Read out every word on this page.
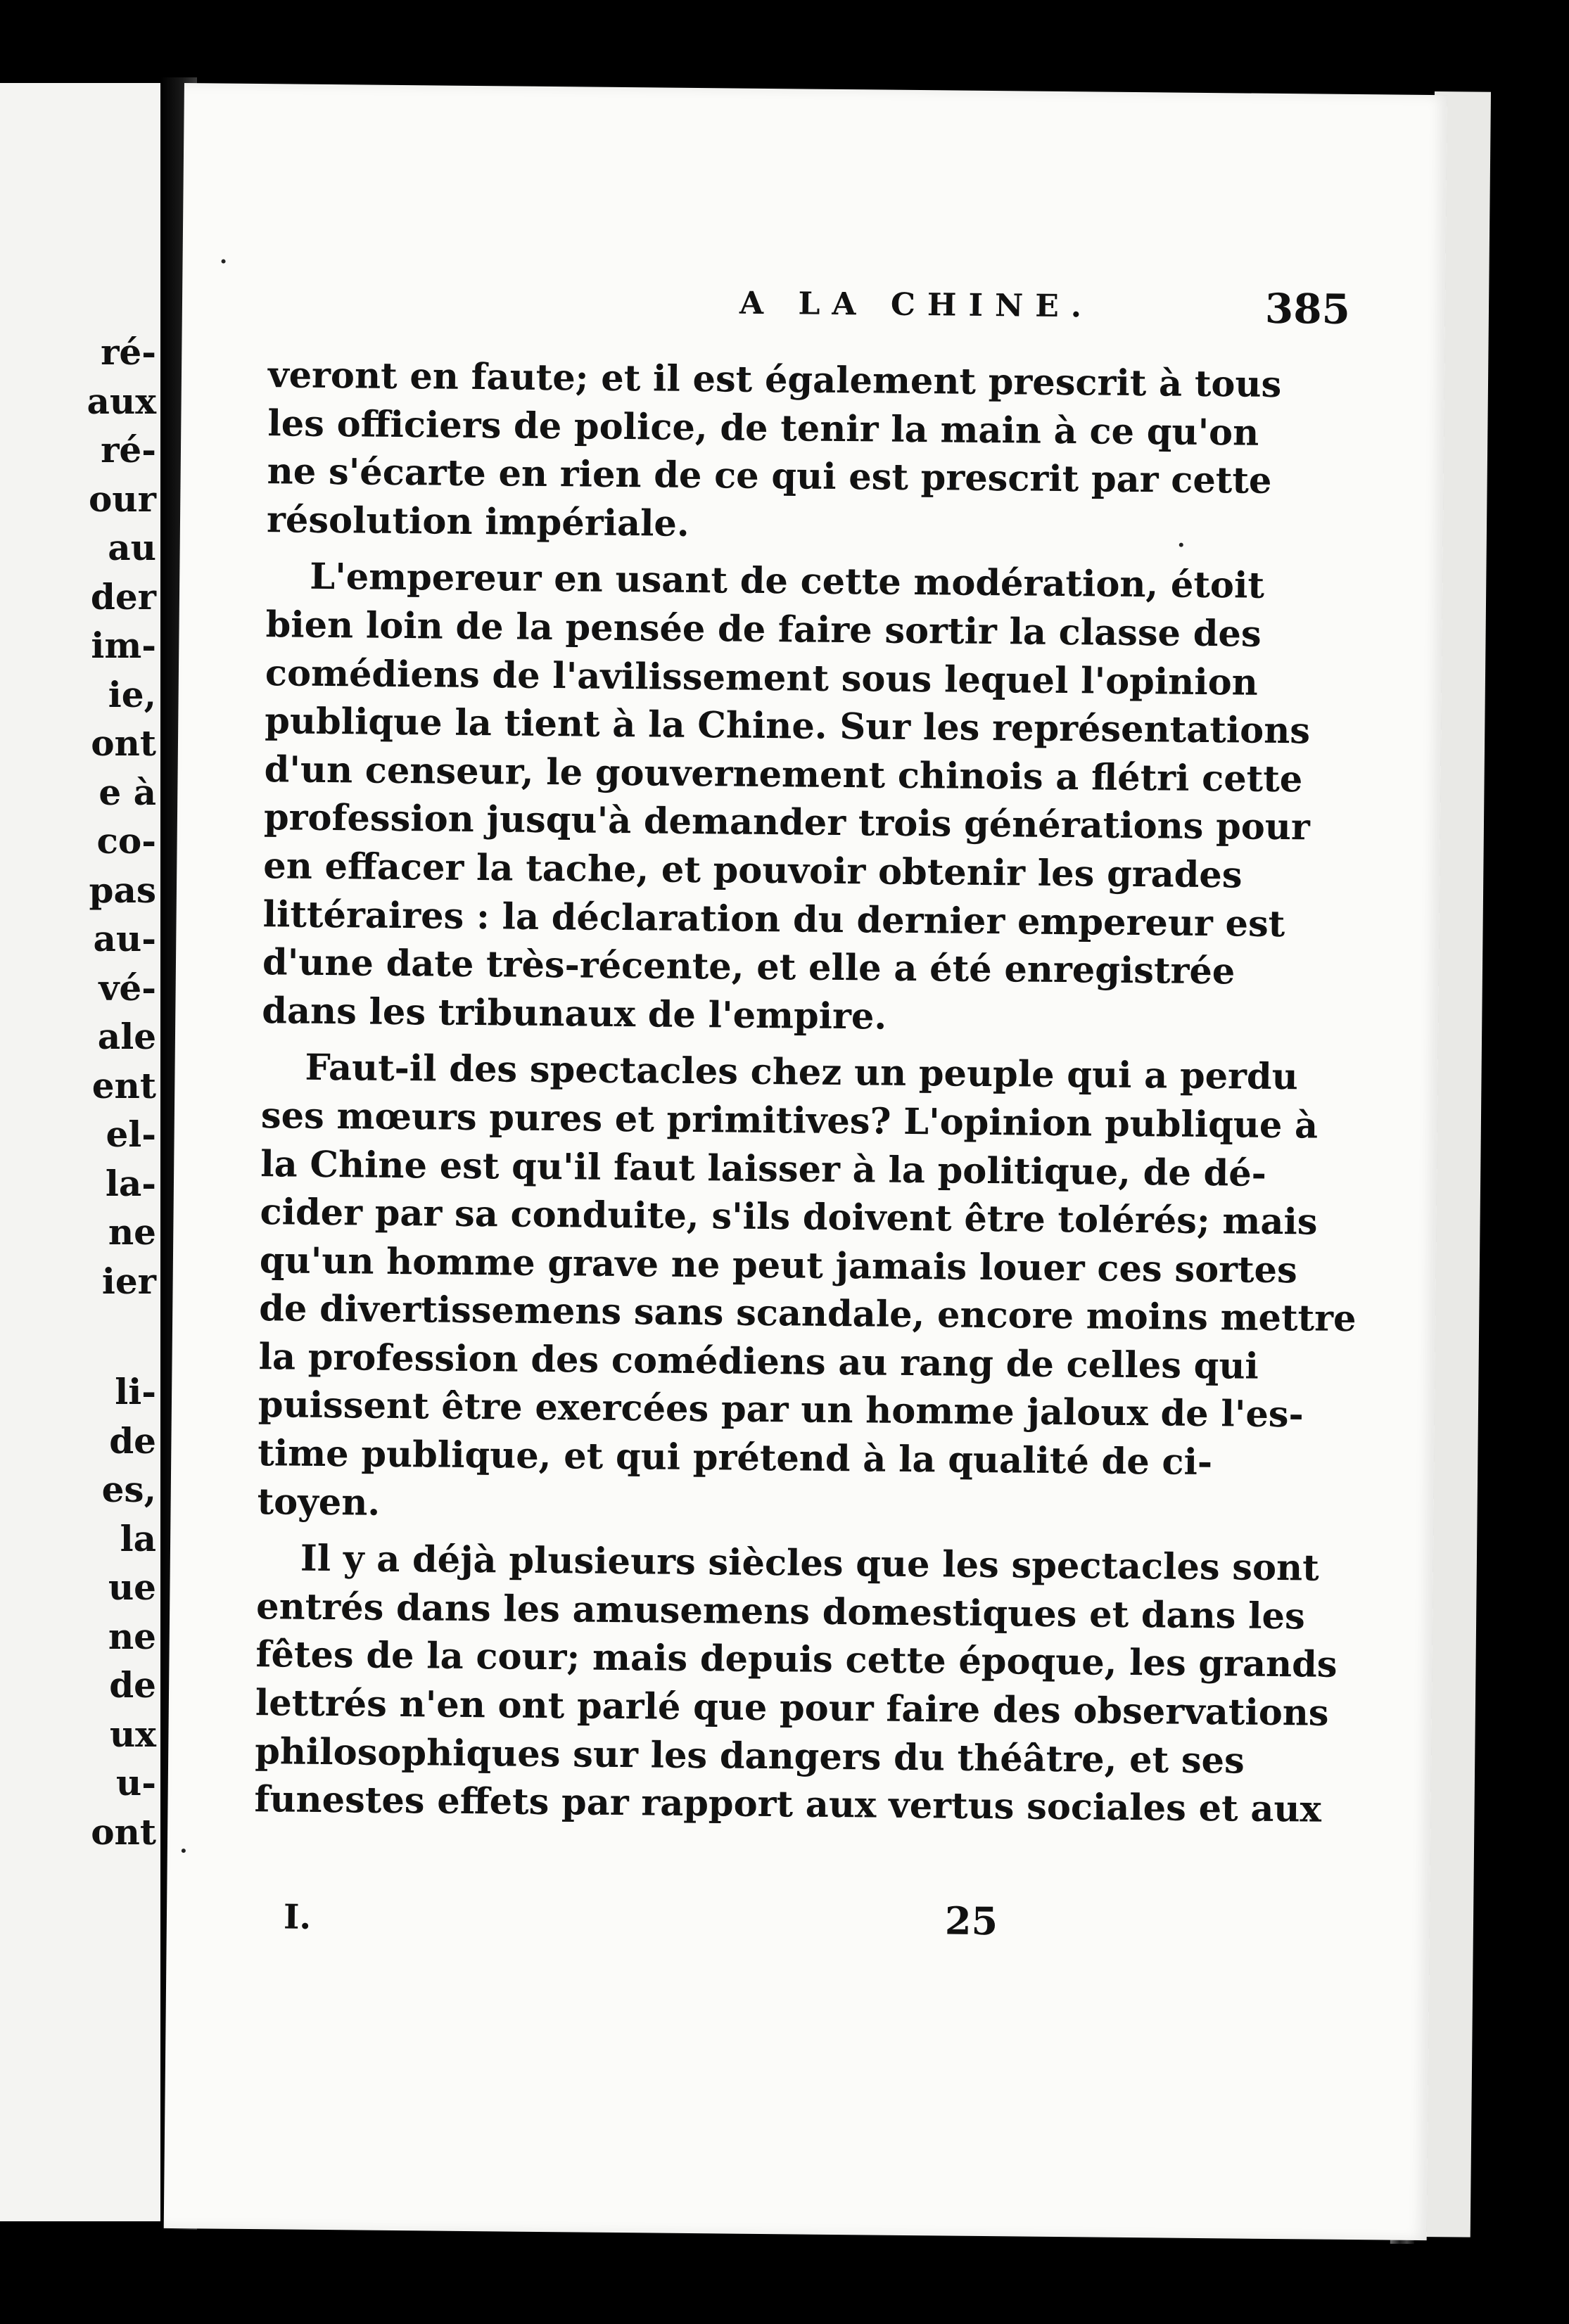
ré-
aux
ré-
our
au
der
im-
ie,
ont
e à
co-
pas
au-
vé-
ale
ent
el-
la-
ne
ier
li-
de
es,
la
ue
ne
de
ux
u-
ont
A LA CHINE.	385
veront en faute; et il est également prescrit à tous
les officiers de police, de tenir la main à ce qu'on
ne s'écarte en rien de ce qui est prescrit par cette
résolution impériale.
L'empereur en usant de cette modération, étoit
bien loin de la pensée de faire sortir la classe des
comédiens de l'avilissement sous lequel l'opinion
publique la tient à la Chine. Sur les représentations
d'un censeur, le gouvernement chinois a flétri cette
profession jusqu'à demander trois générations pour
en effacer la tache, et pouvoir obtenir les grades
littéraires : la déclaration du dernier empereur est
d'une date très-récente, et elle a été enregistrée
dans les tribunaux de l'empire.
Faut-il des spectacles chez un peuple qui a perdu
ses mœurs pures et primitives? L'opinion publique à
la Chine est qu'il faut laisser à la politique, de dé-
cider par sa conduite, s'ils doivent être tolérés; mais
qu'un homme grave ne peut jamais louer ces sortes
de divertissemens sans scandale, encore moins mettre
la profession des comédiens au rang de celles qui
puissent être exercées par un homme jaloux de l'es-
time publique, et qui prétend à la qualité de ci-
toyen.
Il y a déjà plusieurs siècles que les spectacles sont
entrés dans les amusemens domestiques et dans les
fêtes de la cour; mais depuis cette époque, les grands
lettrés n'en ont parlé que pour faire des observations
philosophiques sur les dangers du théâtre, et ses
funestes effets par rapport aux vertus sociales et aux
I.	25
